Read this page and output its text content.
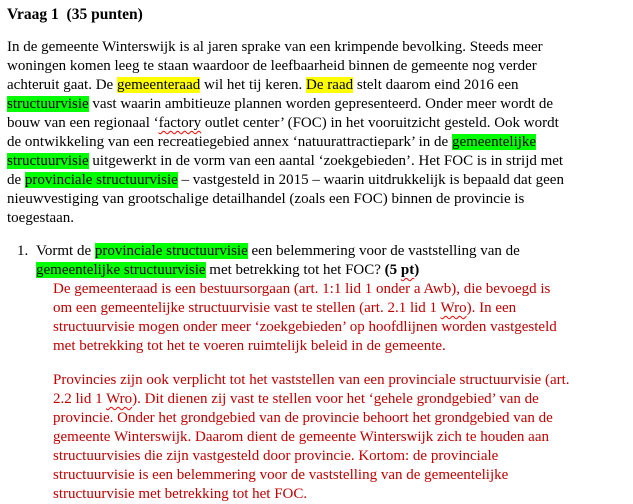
Vraag 1  (35 punten)
In de gemeente Winterswijk is al jaren sprake van een krimpende bevolking. Steeds meer
woningen komen leeg te staan waardoor de leefbaarheid binnen de gemeente nog verder
achteruit gaat. De gemeenteraad wil het tij keren. De raad stelt daarom eind 2016 een
structuurvisie vast waarin ambitieuze plannen worden gepresenteerd. Onder meer wordt de
bouw van een regionaal ‘factory outlet center’ (FOC) in het vooruitzicht gesteld. Ook wordt
de ontwikkeling van een recreatiegebied annex ‘natuurattractiepark’ in de gemeentelijke
structuurvisie uitgewerkt in de vorm van een aantal ‘zoekgebieden’. Het FOC is in strijd met
de provinciale structuurvisie – vastgesteld in 2015 – waarin uitdrukkelijk is bepaald dat geen
nieuwvestiging van grootschalige detailhandel (zoals een FOC) binnen de provincie is
toegestaan.
1. Vormt de provinciale structuurvisie een belemmering voor de vaststelling van de
gemeentelijke structuurvisie met betrekking tot het FOC? (5 pt)
De gemeenteraad is een bestuursorgaan (art. 1:1 lid 1 onder a Awb), die bevoegd is
om een gemeentelijke structuurvisie vast te stellen (art. 2.1 lid 1 Wro). In een
structuurvisie mogen onder meer ‘zoekgebieden’ op hoofdlijnen worden vastgesteld
met betrekking tot het te voeren ruimtelijk beleid in de gemeente.
Provincies zijn ook verplicht tot het vaststellen van een provinciale structuurvisie (art.
2.2 lid 1 Wro). Dit dienen zij vast te stellen voor het ‘gehele grondgebied’ van de
provincie. Onder het grondgebied van de provincie behoort het grondgebied van de
gemeente Winterswijk. Daarom dient de gemeente Winterswijk zich te houden aan
structuurvisies die zijn vastgesteld door provincie. Kortom: de provinciale
structuurvisie is een belemmering voor de vaststelling van de gemeentelijke
structuurvisie met betrekking tot het FOC.
